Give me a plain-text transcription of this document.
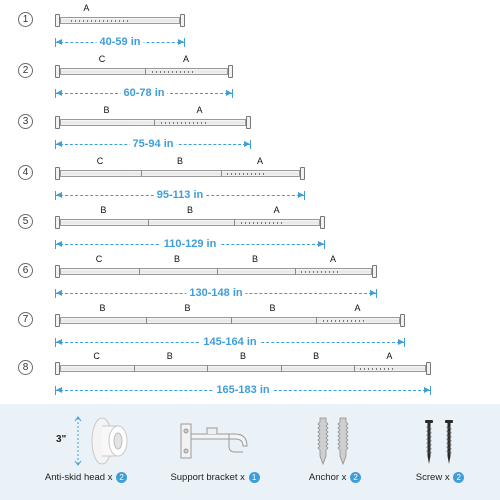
1
A
40-59 in
2
C	A
60-78 in
3
B	A
75-94 in
4
C	B	A
95-113 in
5
B	B	A
110-129 in
6
C	B	B	A
130-148 in
7
B	B	B	A
145-164 in
8
C	B	B	B	A
165-183 in
3"
Anti-skid head x 2	Support bracket x 1	Anchor x 2	Screw x 2
